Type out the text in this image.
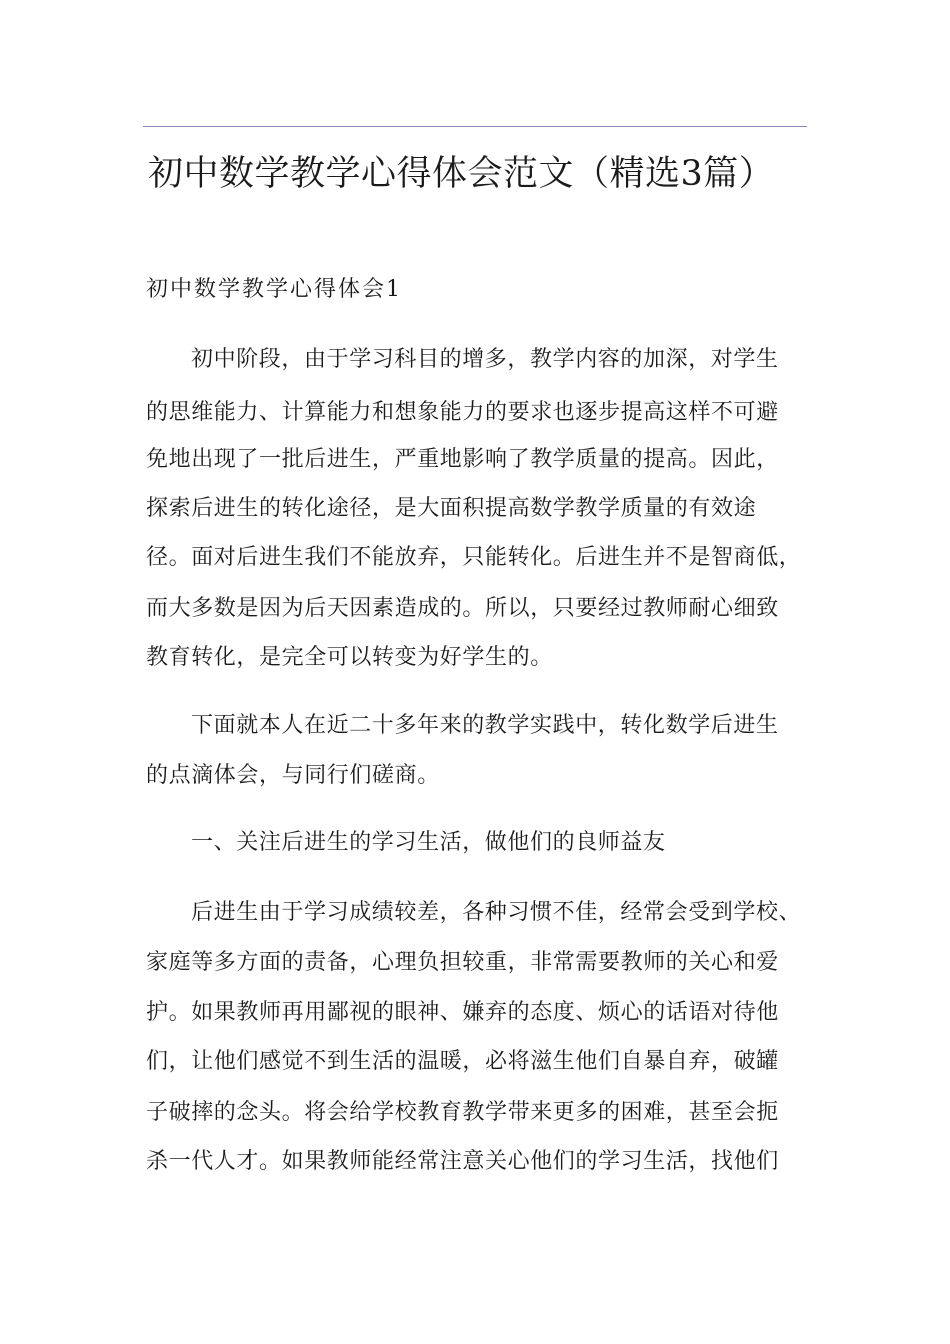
初中数学教学心得体会范文（精选3篇）
初中数学教学心得体会1
初中阶段，由于学习科目的增多，教学内容的加深，对学生
的思维能力、计算能力和想象能力的要求也逐步提高这样不可避
免地出现了一批后进生，严重地影响了教学质量的提高。因此，
探索后进生的转化途径，是大面积提高数学教学质量的有效途
径。面对后进生我们不能放弃，只能转化。后进生并不是智商低，
而大多数是因为后天因素造成的。所以，只要经过教师耐心细致
教育转化，是完全可以转变为好学生的。
下面就本人在近二十多年来的教学实践中，转化数学后进生
的点滴体会，与同行们磋商。
一、关注后进生的学习生活，做他们的良师益友
后进生由于学习成绩较差，各种习惯不佳，经常会受到学校、
家庭等多方面的责备，心理负担较重，非常需要教师的关心和爱
护。如果教师再用鄙视的眼神、嫌弃的态度、烦心的话语对待他
们，让他们感觉不到生活的温暖，必将滋生他们自暴自弃，破罐
子破摔的念头。将会给学校教育教学带来更多的困难，甚至会扼
杀一代人才。如果教师能经常注意关心他们的学习生活，找他们
